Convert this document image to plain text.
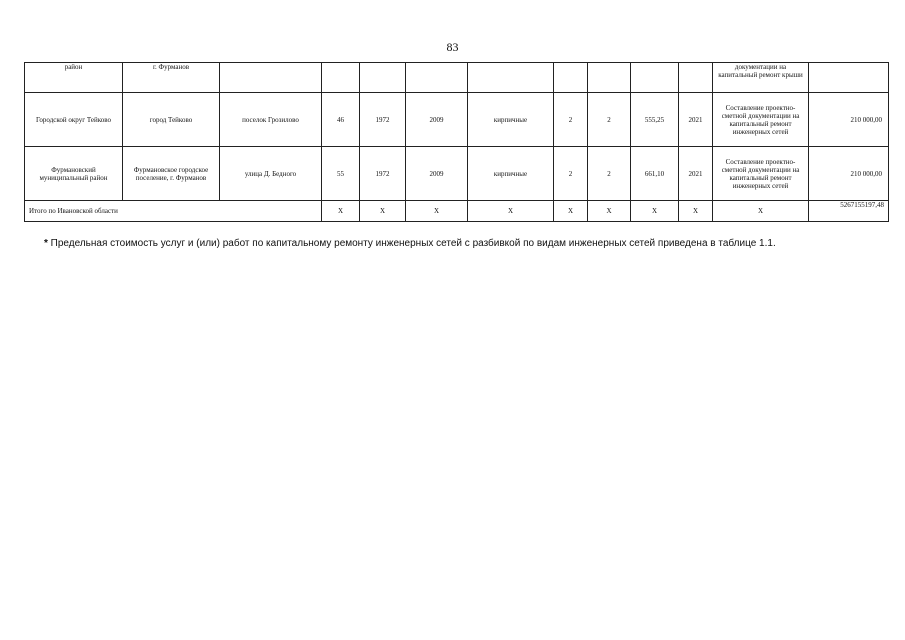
83
район	г. Фурманов										документации на капитальный ремонт крыши	
Городской округ Тейково	город Тейково	поселок Грозилово	46	1972	2009	кирпичные	2	2	555,25	2021	Составление проектно-сметной документации на капитальный ремонт инженерных сетей	210 000,00
Фурмановский муниципальный район	Фурмановское городское поселение, г. Фурманов	улица Д. Бедного	55	1972	2009	кирпичные	2	2	661,10	2021	Составление проектно-сметной документации на капитальный ремонт инженерных сетей	210 000,00
Итого по Ивановской области			X	X	X	X	X	X	X	X	X	5267155197,48
* Предельная стоимость услуг и (или) работ по капитальному ремонту инженерных сетей с разбивкой по видам инженерных сетей приведена в таблице 1.1.
